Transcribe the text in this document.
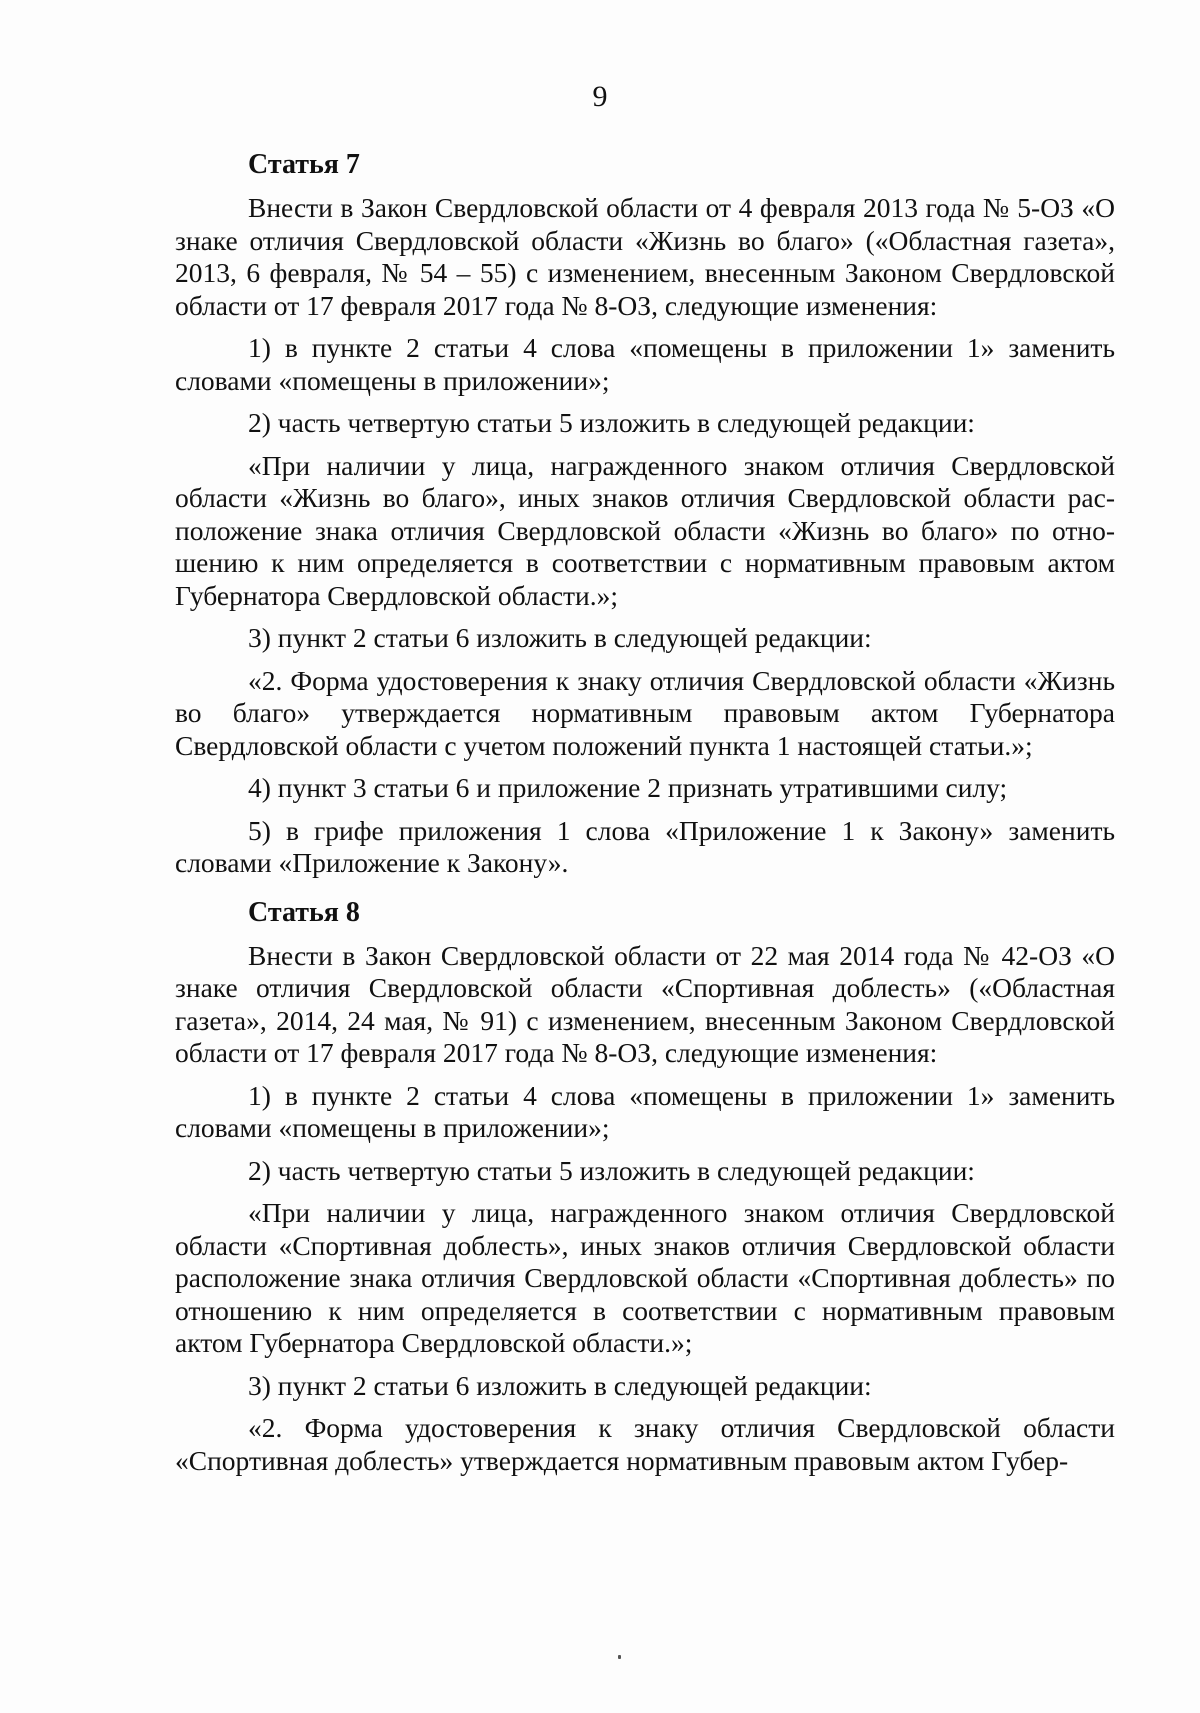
9
Статья 7

Внести в Закон Свердловской области от 4 февраля 2013 года № 5-ОЗ «О знаке отличия Свердловской области «Жизнь во благо» («Областная газета», 2013, 6 февраля, № 54 – 55) с изменением, внесенным Законом Свердловской области от 17 февраля 2017 года № 8-ОЗ, следующие изменения:

1) в пункте 2 статьи 4 слова «помещены в приложении 1» заменить словами «помещены в приложении»;

2) часть четвертую статьи 5 изложить в следующей редакции:

«При наличии у лица, награжденного знаком отличия Свердловской области «Жизнь во благо», иных знаков отличия Свердловской области расположение знака отличия Свердловской области «Жизнь во благо» по отношению к ним определяется в соответствии с нормативным правовым актом Губернатора Свердловской области.»;

3) пункт 2 статьи 6 изложить в следующей редакции:

«2. Форма удостоверения к знаку отличия Свердловской области «Жизнь во благо» утверждается нормативным правовым актом Губернатора Свердловской области с учетом положений пункта 1 настоящей статьи.»;

4) пункт 3 статьи 6 и приложение 2 признать утратившими силу;

5) в грифе приложения 1 слова «Приложение 1 к Закону» заменить словами «Приложение к Закону».

Статья 8

Внести в Закон Свердловской области от 22 мая 2014 года № 42-ОЗ «О знаке отличия Свердловской области «Спортивная доблесть» («Областная газета», 2014, 24 мая, № 91) с изменением, внесенным Законом Свердловской области от 17 февраля 2017 года № 8-ОЗ, следующие изменения:

1) в пункте 2 статьи 4 слова «помещены в приложении 1» заменить словами «помещены в приложении»;

2) часть четвертую статьи 5 изложить в следующей редакции:

«При наличии у лица, награжденного знаком отличия Свердловской области «Спортивная доблесть», иных знаков отличия Свердловской области расположение знака отличия Свердловской области «Спортивная доблесть» по отношению к ним определяется в соответствии с нормативным правовым актом Губернатора Свердловской области.»;

3) пункт 2 статьи 6 изложить в следующей редакции:

«2. Форма удостоверения к знаку отличия Свердловской области «Спортивная доблесть» утверждается нормативным правовым актом Губер-
